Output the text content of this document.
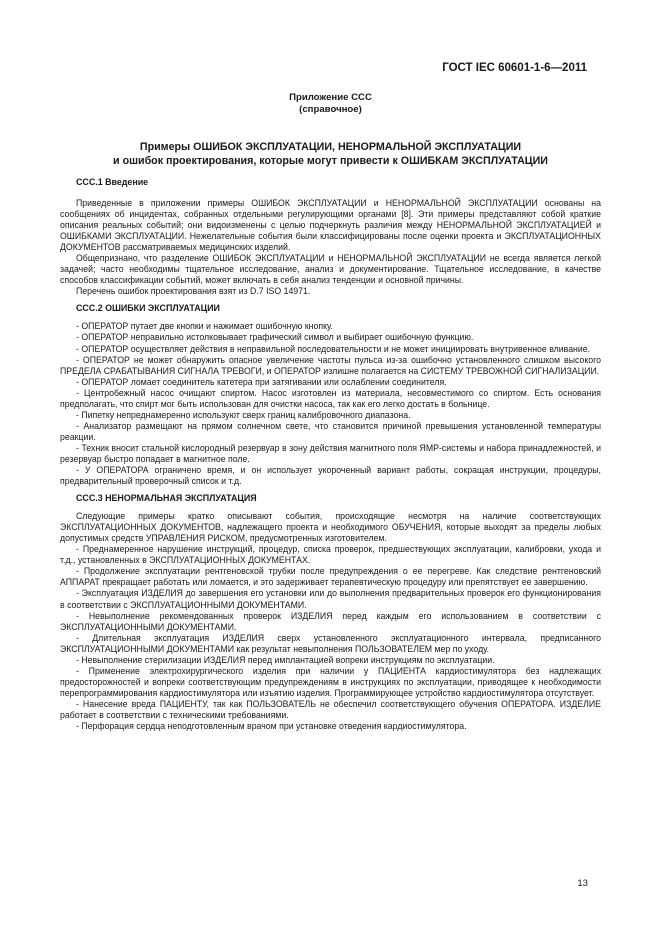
ГОСТ IEC 60601-1-6—2011
Приложение ССС
(справочное)
Примеры ОШИБОК ЭКСПЛУАТАЦИИ, НЕНОРМАЛЬНОЙ ЭКСПЛУАТАЦИИ
и ошибок проектирования, которые могут привести к ОШИБКАМ ЭКСПЛУАТАЦИИ
ССС.1 Введение

Приведенные в приложении примеры ОШИБОК ЭКСПЛУАТАЦИИ и НЕНОРМАЛЬНОЙ ЭКСПЛУАТАЦИИ основаны на сообщениях об инцидентах, собранных отдельными регулирующими органами [8]. Эти примеры представляют собой краткие описания реальных событий; они видоизменены с целью подчеркнуть различия между НЕНОРМАЛЬНОЙ ЭКСПЛУАТАЦИЕЙ и ОШИБКАМИ ЭКСПЛУАТАЦИИ. Нежелательные события были классифицированы после оценки проекта и ЭКСПЛУАТАЦИОННЫХ ДОКУМЕНТОВ рассматриваемых медицинских изделий.

Общепризнано, что разделение ОШИБОК ЭКСПЛУАТАЦИИ и НЕНОРМАЛЬНОЙ ЭКСПЛУАТАЦИИ не всегда является легкой задачей; часто необходимы тщательное исследование, анализ и документирование. Тщательное исследование, в качестве способов классификации событий, может включать в себя анализ тенденции и основной причины.

Перечень ошибок проектирования взят из D.7 ISO 14971.

ССС.2 ОШИБКИ ЭКСПЛУАТАЦИИ

- ОПЕРАТОР путает две кнопки и нажимает ошибочную кнопку.

- ОПЕРАТОР неправильно истолковывает графический символ и выбирает ошибочную функцию.

- ОПЕРАТОР осуществляет действия в неправильной последовательности и не может инициировать внутривенное вливание.

- ОПЕРАТОР не может обнаружить опасное увеличение частоты пульса из-за ошибочно установленного слишком высокого ПРЕДЕЛА СРАБАТЫВАНИЯ СИГНАЛА ТРЕВОГИ, и ОПЕРАТОР излишне полагается на СИСТЕМУ ТРЕВОЖНОЙ СИГНАЛИЗАЦИИ.

- ОПЕРАТОР ломает соединитель катетера при затягивании или ослаблении соединителя.

- Центробежный насос очищают спиртом. Насос изготовлен из материала, несовместимого со спиртом. Есть основания предполагать, что спирт мог быть использован для очистки насоса, так как его легко достать в больнице.

- Пипетку непреднамеренно используют сверх границ калибровочного диапазона.

- Анализатор размещают на прямом солнечном свете, что становится причиной превышения установленной температуры реакции.

- Техник вносит стальной кислородный резервуар в зону действия магнитного поля ЯМР-системы и набора принадлежностей, и резервуар быстро попадает в магнитное поле.

- У ОПЕРАТОРА ограничено время, и он использует укороченный вариант работы, сокращая инструкции, процедуры, предварительный проверочный список и т.д.

ССС.3 НЕНОРМАЛЬНАЯ ЭКСПЛУАТАЦИЯ

Следующие примеры кратко описывают события, происходящие несмотря на наличие соответствующих ЭКСПЛУАТАЦИОННЫХ ДОКУМЕНТОВ, надлежащего проекта и необходимого ОБУЧЕНИЯ, которые выходят за пределы любых допустимых средств УПРАВЛЕНИЯ РИСКОМ, предусмотренных изготовителем.

- Преднамеренное нарушение инструкций, процедур, списка проверок, предшествующих эксплуатации, калибровки, ухода и т.д., установленных в ЭКСПЛУАТАЦИОННЫХ ДОКУМЕНТАХ.

- Продолжение эксплуатации рентгеновской трубки после предупреждения о ее перегреве. Как следствие рентгеновский АППАРАТ прекращает работать или ломается, и это задерживает терапевтическую процедуру или препятствует ее завершению.

- Эксплуатация ИЗДЕЛИЯ до завершения его установки или до выполнения предварительных проверок его функционирования в соответствии с ЭКСПЛУАТАЦИОННЫМИ ДОКУМЕНТАМИ.

- Невыполнение рекомендованных проверок ИЗДЕЛИЯ перед каждым его использованием в соответствии с ЭКСПЛУАТАЦИОННЫМИ ДОКУМЕНТАМИ.

- Длительная эксплуатация ИЗДЕЛИЯ сверх установленного эксплуатационного интервала, предписанного ЭКСПЛУАТАЦИОННЫМИ ДОКУМЕНТАМИ как результат невыполнения ПОЛЬЗОВАТЕЛЕМ мер по уходу.

- Невыполнение стерилизации ИЗДЕЛИЯ перед имплантацией вопреки инструкциям по эксплуатации.

- Применение электрохирургического изделия при наличии у ПАЦИЕНТА кардиостимулятора без надлежащих предосторожностей и вопреки соответствующим предупреждениям в инструкциях по эксплуатации, приводящее к необходимости перепрограммирования кардиостимулятора или изъятию изделия. Программирующее устройство кардиостимулятора отсутствует.

- Нанесение вреда ПАЦИЕНТУ, так как ПОЛЬЗОВАТЕЛЬ не обеспечил соответствующего обучения ОПЕРАТОРА. ИЗДЕЛИЕ работает в соответствии с техническими требованиями.

- Перфорация сердца неподготовленным врачом при установке отведения кардиостимулятора.

13
